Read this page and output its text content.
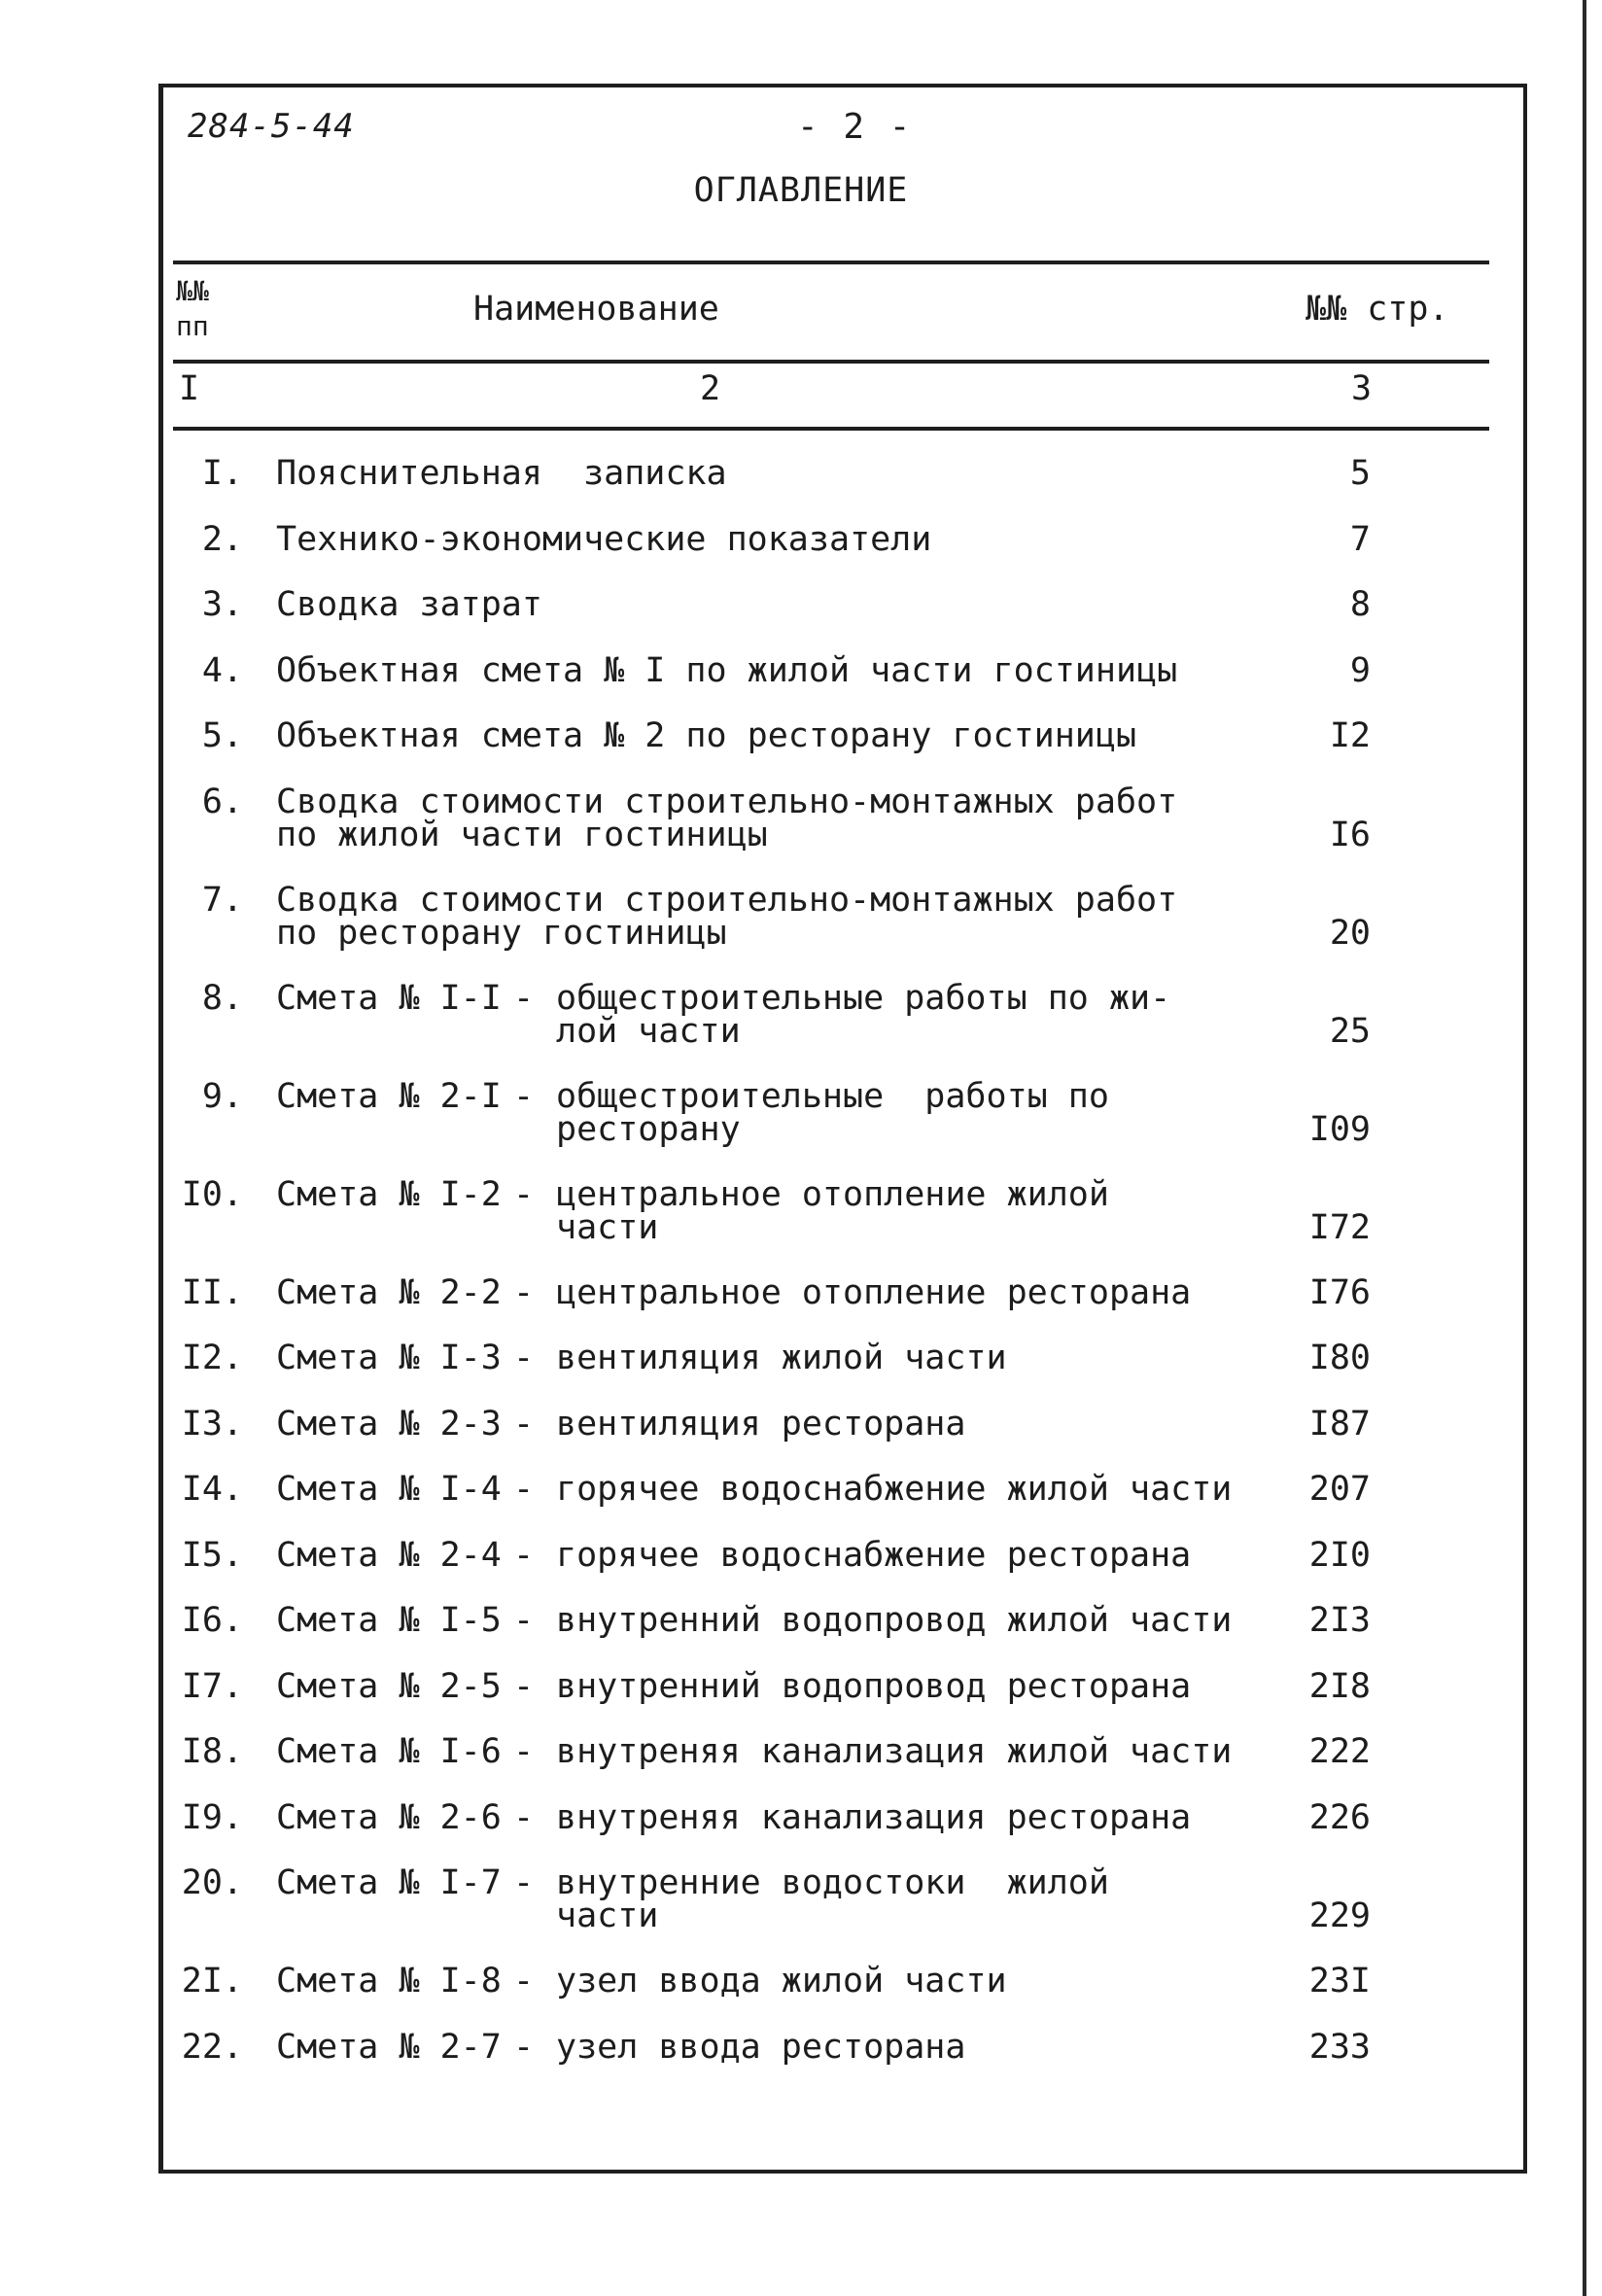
284-5-44	- 2 -
ОГЛАВЛЕНИЕ
№№
пп	Наименование	№№ стр.
I	2	3
I. Пояснительная  записка	5
2. Технико-экономические показатели	7
3. Сводка затрат	8
4. Объектная смета № I по жилой части гостиницы	9
5. Объектная смета № 2 по ресторану гостиницы	I2
6. Сводка стоимости строительно-монтажных работ
по жилой части гостиницы	I6
7. Сводка стоимости строительно-монтажных работ
по ресторану гостиницы	20
8. Смета № I-I - общестроительные работы по жи-
лой части	25
9. Смета № 2-I - общестроительные  работы по
ресторану	I09
I0. Смета № I-2 - центральное отопление жилой
части	I72
II. Смета № 2-2 - центральное отопление ресторана	I76
I2. Смета № I-3 - вентиляция жилой части	I80
I3. Смета № 2-3 - вентиляция ресторана	I87
I4. Смета № I-4 - горячее водоснабжение жилой части	207
I5. Смета № 2-4 - горячее водоснабжение ресторана	2I0
I6. Смета № I-5 - внутренний водопровод жилой части	2I3
I7. Смета № 2-5 - внутренний водопровод ресторана	2I8
I8. Смета № I-6 - внутреняя канализация жилой части	222
I9. Смета № 2-6 - внутреняя канализация ресторана	226
20. Смета № I-7 - внутренние водостоки  жилой
части	229
2I. Смета № I-8 - узел ввода жилой части	23I
22. Смета № 2-7 - узел ввода ресторана	233
